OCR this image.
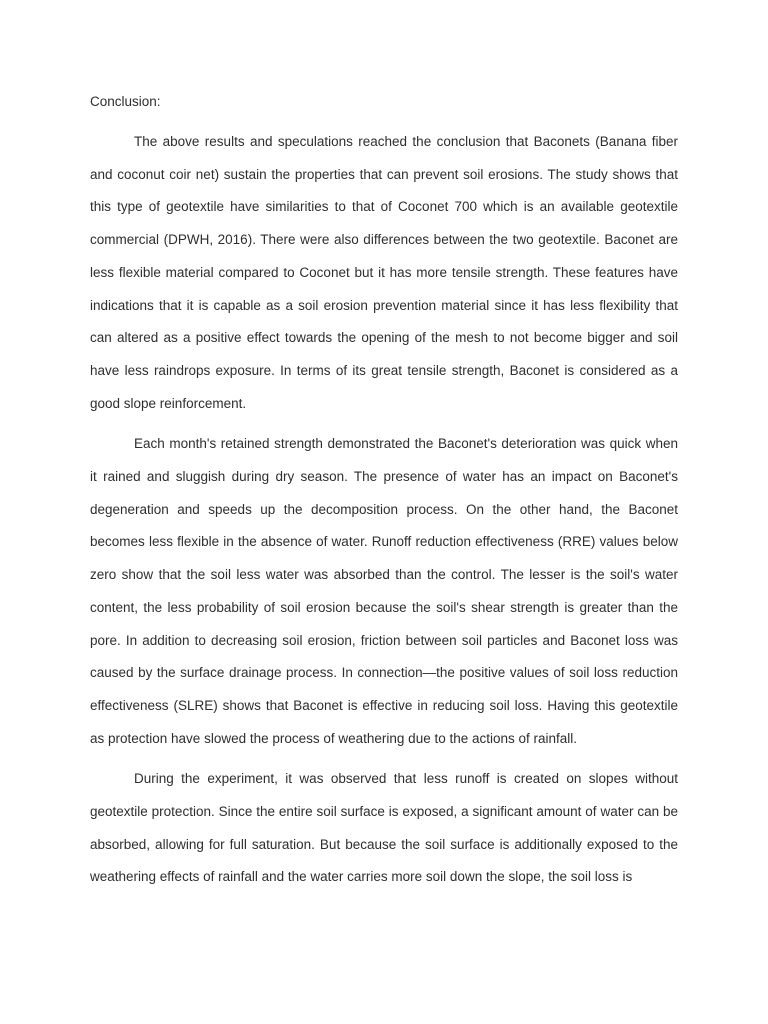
Conclusion:

The above results and speculations reached the conclusion that Baconets (Banana fiber and coconut coir net) sustain the properties that can prevent soil erosions. The study shows that this type of geotextile have similarities to that of Coconet 700 which is an available geotextile commercial (DPWH, 2016). There were also differences between the two geotextile. Baconet are less flexible material compared to Coconet but it has more tensile strength. These features have indications that it is capable as a soil erosion prevention material since it has less flexibility that can altered as a positive effect towards the opening of the mesh to not become bigger and soil have less raindrops exposure. In terms of its great tensile strength, Baconet is considered as a good slope reinforcement.

Each month's retained strength demonstrated the Baconet's deterioration was quick when it rained and sluggish during dry season. The presence of water has an impact on Baconet's degeneration and speeds up the decomposition process. On the other hand, the Baconet becomes less flexible in the absence of water. Runoff reduction effectiveness (RRE) values below zero show that the soil less water was absorbed than the control. The lesser is the soil's water content, the less probability of soil erosion because the soil's shear strength is greater than the pore. In addition to decreasing soil erosion, friction between soil particles and Baconet loss was caused by the surface drainage process. In connection—the positive values of soil loss reduction effectiveness (SLRE) shows that Baconet is effective in reducing soil loss. Having this geotextile as protection have slowed the process of weathering due to the actions of rainfall.

During the experiment, it was observed that less runoff is created on slopes without geotextile protection. Since the entire soil surface is exposed, a significant amount of water can be absorbed, allowing for full saturation. But because the soil surface is additionally exposed to the weathering effects of rainfall and the water carries more soil down the slope, the soil loss is
